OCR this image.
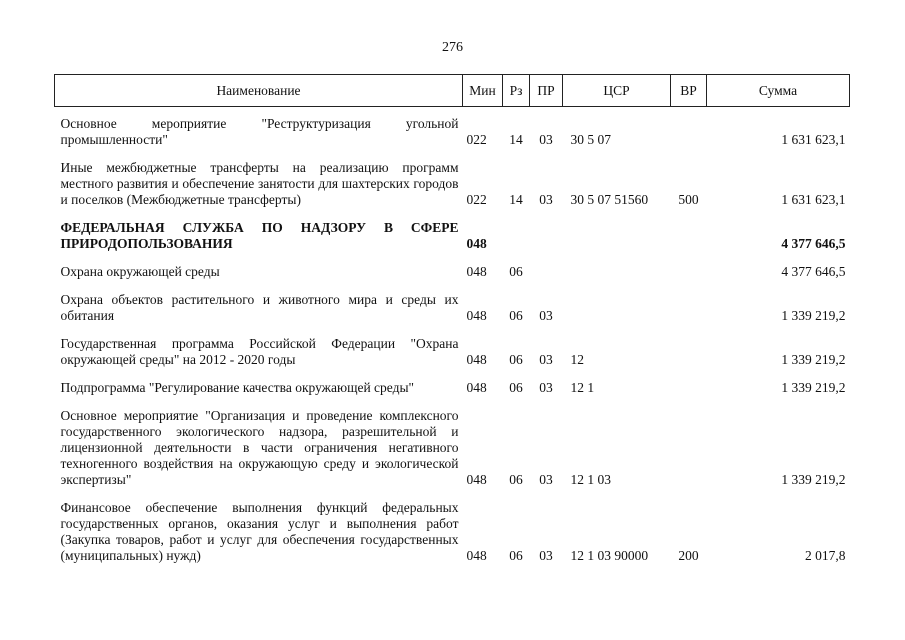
276
Наименование	Мин	Рз	ПР	ЦСР	ВР	Сумма

Основное мероприятие "Реструктуризация угольной промышленности"	022	14	03	30 5 07		1 631 623,1

Иные межбюджетные трансферты на реализацию программ местного развития и обеспечение занятости для шахтерских городов и поселков (Межбюджетные трансферты)	022	14	03	30 5 07 51560	500	1 631 623,1

ФЕДЕРАЛЬНАЯ СЛУЖБА ПО НАДЗОРУ В СФЕРЕ ПРИРОДОПОЛЬЗОВАНИЯ	048					4 377 646,5

Охрана окружающей среды	048	06				4 377 646,5

Охрана объектов растительного и животного мира и среды их обитания	048	06	03			1 339 219,2

Государственная программа Российской Федерации "Охрана окружающей среды" на 2012 - 2020 годы	048	06	03	12		1 339 219,2

Подпрограмма "Регулирование качества окружающей среды"	048	06	03	12 1		1 339 219,2

Основное мероприятие "Организация и проведение комплексного государственного экологического надзора, разрешительной и лицензионной деятельности в части ограничения негативного техногенного воздействия на окружающую среду и экологической экспертизы"	048	06	03	12 1 03		1 339 219,2

Финансовое обеспечение выполнения функций федеральных государственных органов, оказания услуг и выполнения работ (Закупка товаров, работ и услуг для обеспечения государственных (муниципальных) нужд)	048	06	03	12 1 03 90000	200	2 017,8
